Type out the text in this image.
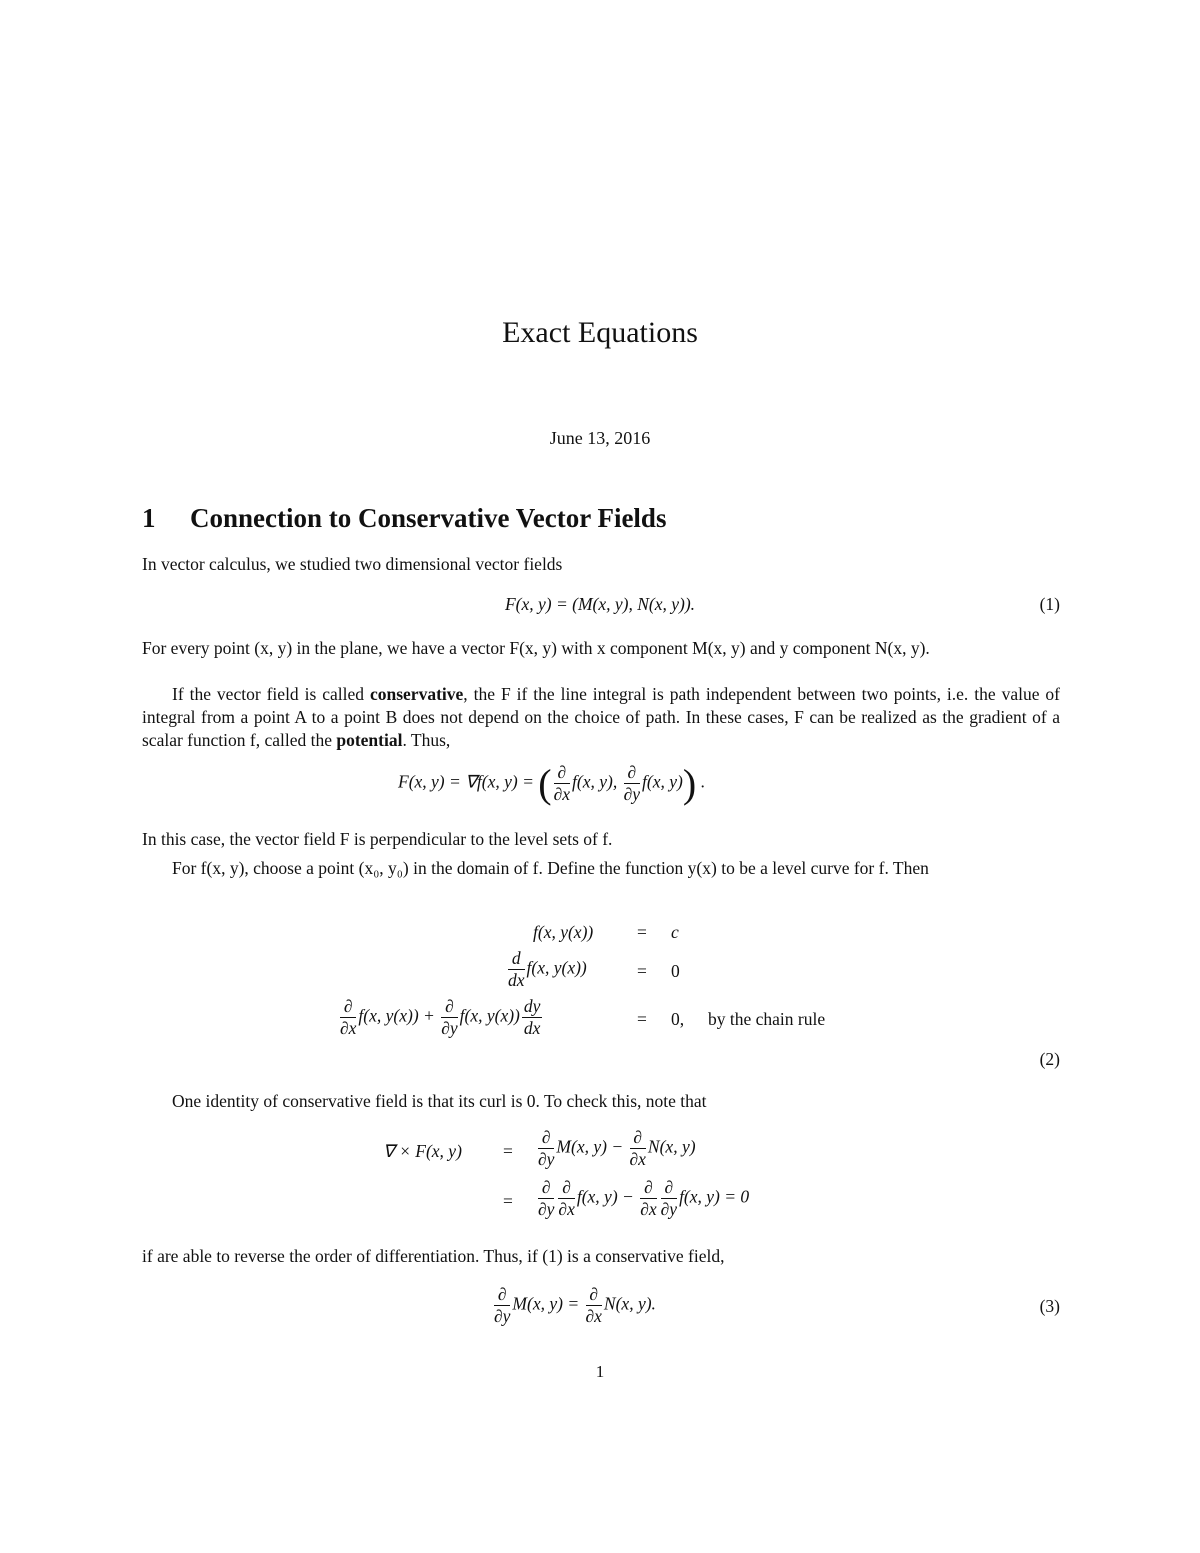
Exact Equations
June 13, 2016
1 Connection to Conservative Vector Fields
In vector calculus, we studied two dimensional vector fields
F(x, y) = (M(x, y), N(x, y)).	(1)
For every point (x, y) in the plane, we have a vector F(x, y) with x component M(x, y) and y component N(x, y).
If the vector field is called conservative, the F if the line integral is path independent between two points, i.e. the value of integral from a point A to a point B does not depend on the choice of path. In these cases, F can be realized as the gradient of a scalar function f, called the potential. Thus,
F(x, y) = ∇f(x, y) = ( $\frac{\partial}{\partial x} f(x$, y), $\frac{\partial}{\partial y} f(x$, y)) .
In this case, the vector field F is perpendicular to the level sets of f.
For f(x, y), choose a point (x₀, y₀) in the domain of f. Define the function y(x) to be a level curve for f. Then
f(x, y(x))	= c
$\frac{d}{dx} f(x$, y(x))	= 0
$\frac{\partial}{\partial x} f(x$, $y(x)) + \frac{\partial}{\partial y} f(x$, $y(x)) \frac{dy}{dx}$	= 0, by the chain rule
(2)
One identity of conservative field is that its curl is 0. To check this, note that
∇ × F(x, $y) = \frac{\partial}{\partial y} M(x$, $y) - \frac{\partial}{\partial x} N(x$, y)
= $\frac{\partial}{\partial y} \frac{\partial}{\partial x} f(x$, $y) - \frac{\partial}{\partial x} \frac{\partial}{\partial y} f(x$, y) = 0
if are able to reverse the order of differentiation. Thus, if (1) is a conservative field,
$\frac{\partial}{\partial y} M(x$, $y) = \frac{\partial}{\partial x} N(x$, y).	(3)
1
